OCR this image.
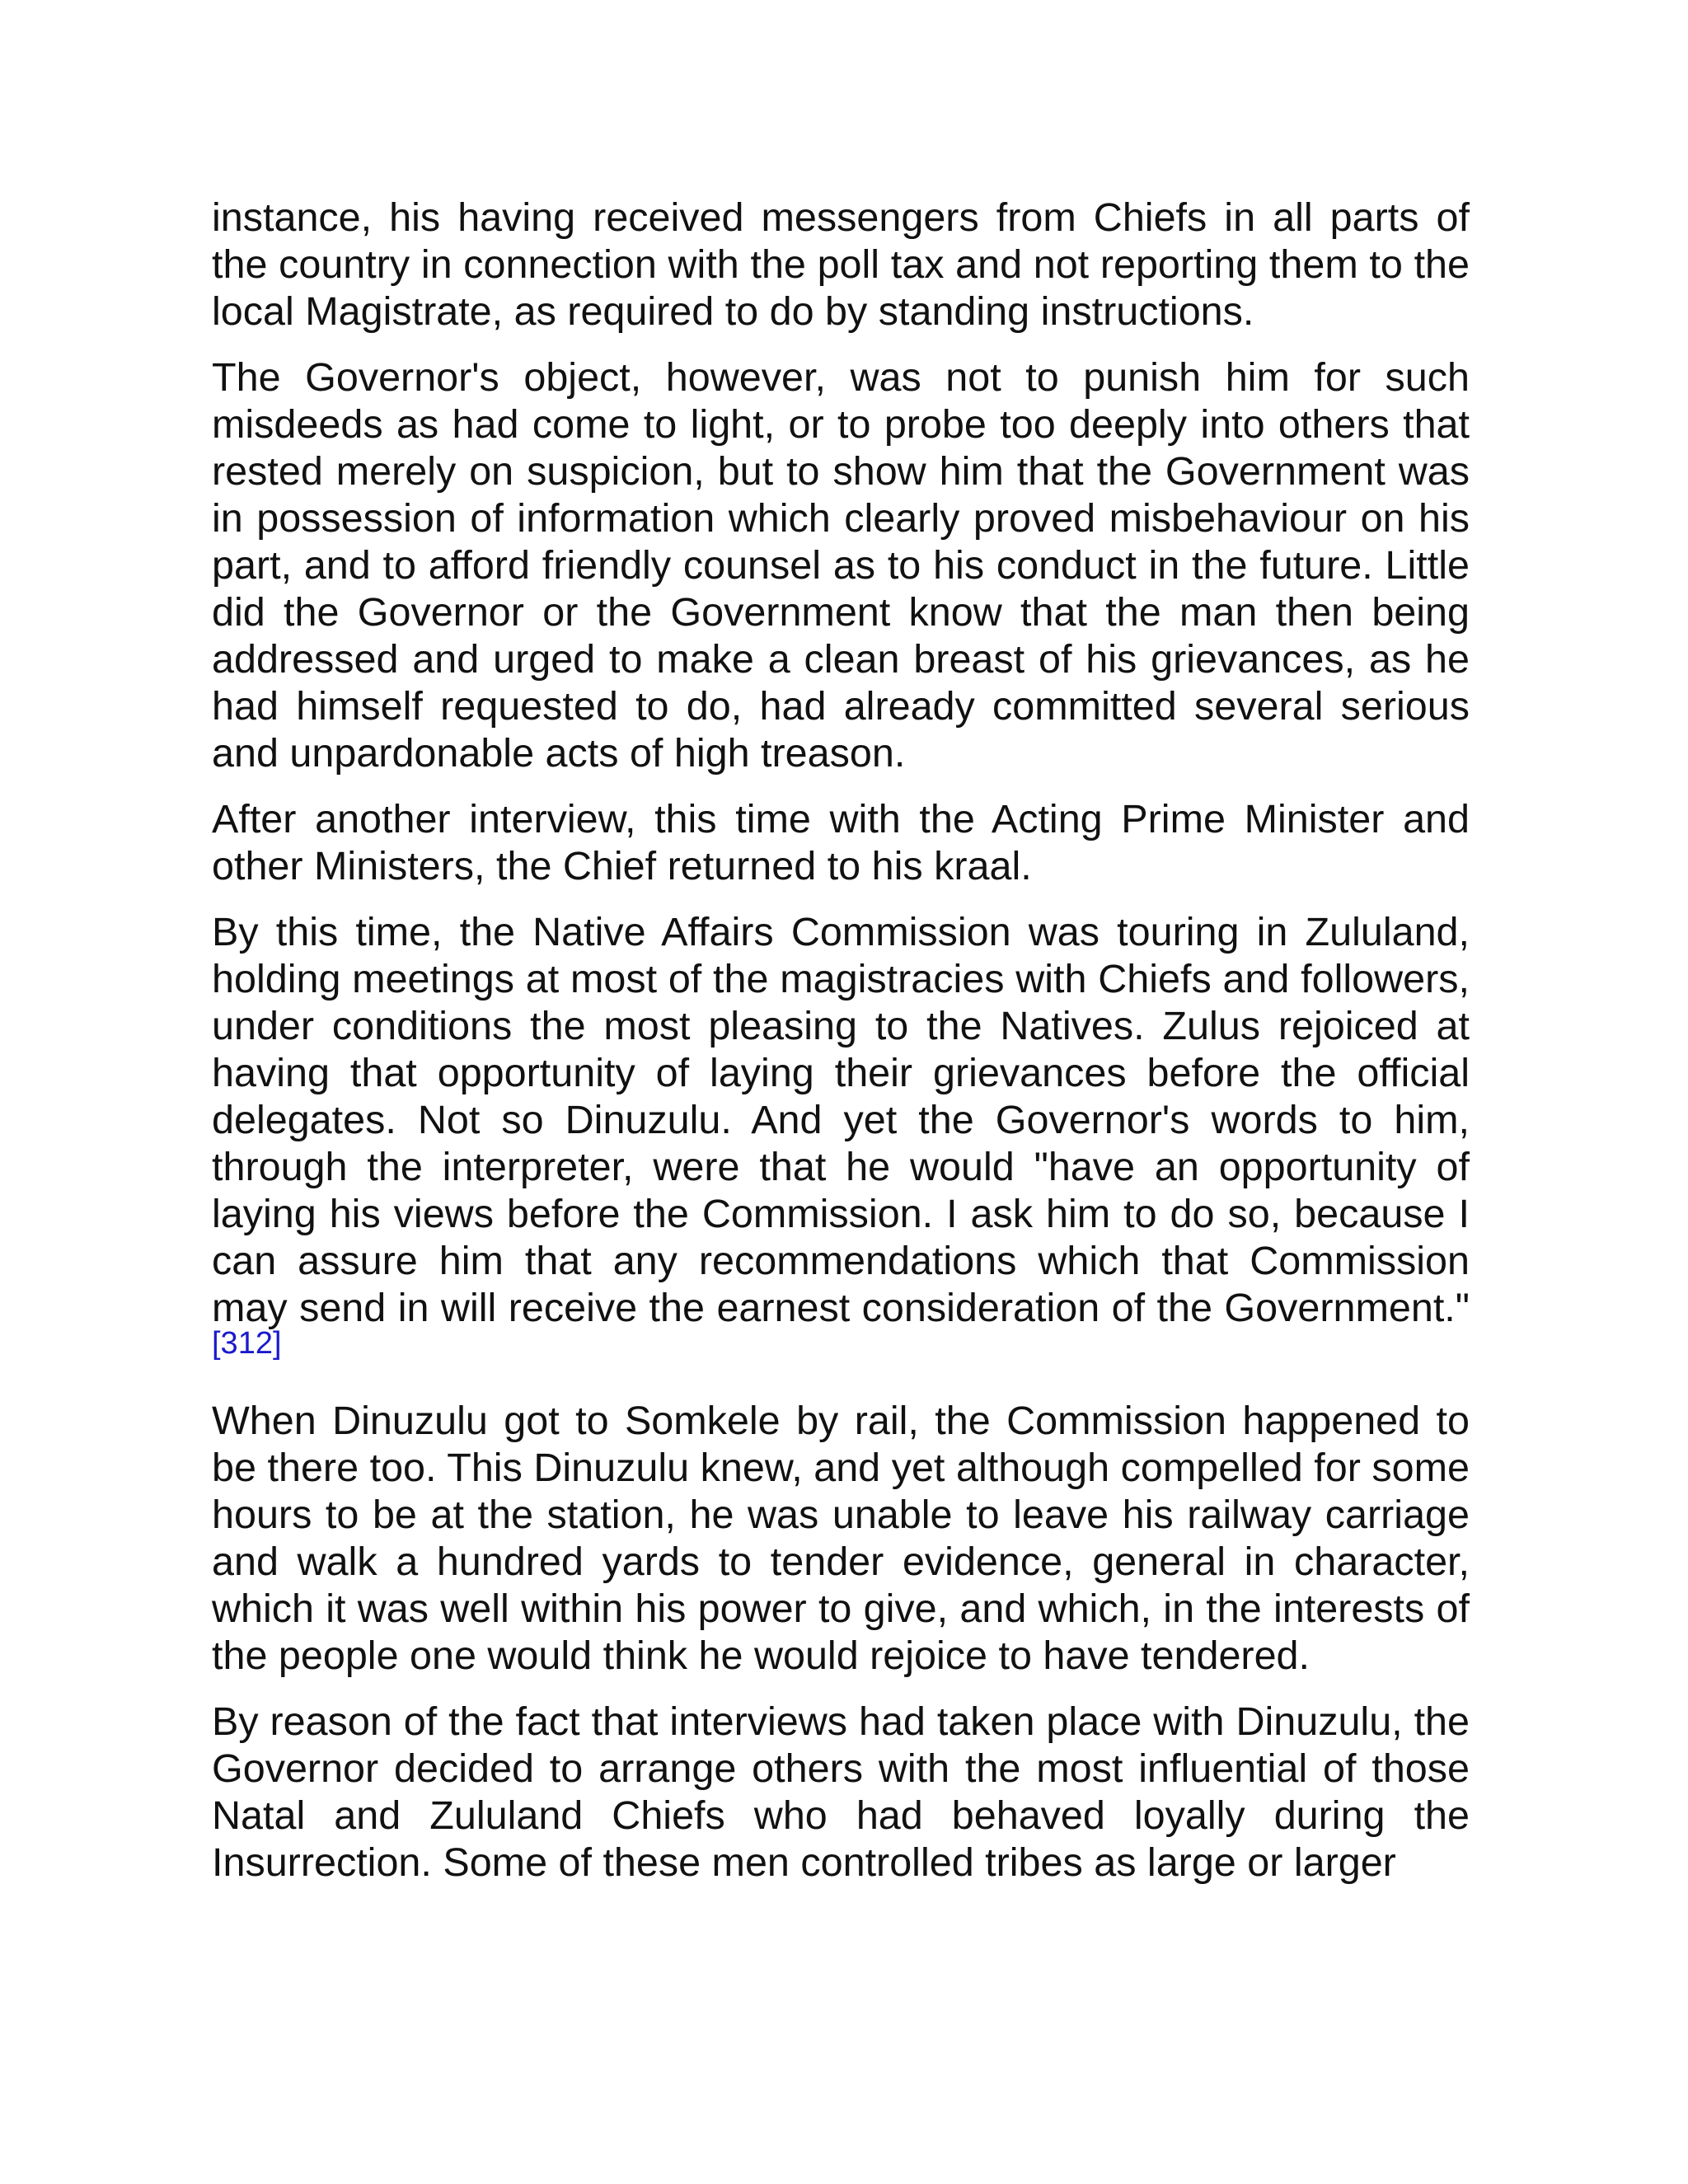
instance, his having received messengers from Chiefs in all parts of the country in connection with the poll tax and not reporting them to the local Magistrate, as required to do by standing instructions.

The Governor's object, however, was not to punish him for such misdeeds as had come to light, or to probe too deeply into others that rested merely on suspicion, but to show him that the Government was in possession of information which clearly proved misbehaviour on his part, and to afford friendly counsel as to his conduct in the future. Little did the Governor or the Government know that the man then being addressed and urged to make a clean breast of his grievances, as he had himself requested to do, had already committed several serious and unpardonable acts of high treason.

After another interview, this time with the Acting Prime Minister and other Ministers, the Chief returned to his kraal.

By this time, the Native Affairs Commission was touring in Zululand, holding meetings at most of the magistracies with Chiefs and followers, under conditions the most pleasing to the Natives. Zulus rejoiced at having that opportunity of laying their grievances before the official delegates. Not so Dinuzulu. And yet the Governor's words to him, through the interpreter, were that he would "have an opportunity of laying his views before the Commission. I ask him to do so, because I can assure him that any recommendations which that Commission may send in will receive the earnest consideration of the Government."[312]

When Dinuzulu got to Somkele by rail, the Commission happened to be there too. This Dinuzulu knew, and yet although compelled for some hours to be at the station, he was unable to leave his railway carriage and walk a hundred yards to tender evidence, general in character, which it was well within his power to give, and which, in the interests of the people one would think he would rejoice to have tendered.

By reason of the fact that interviews had taken place with Dinuzulu, the Governor decided to arrange others with the most influential of those Natal and Zululand Chiefs who had behaved loyally during the Insurrection. Some of these men controlled tribes as large or larger
